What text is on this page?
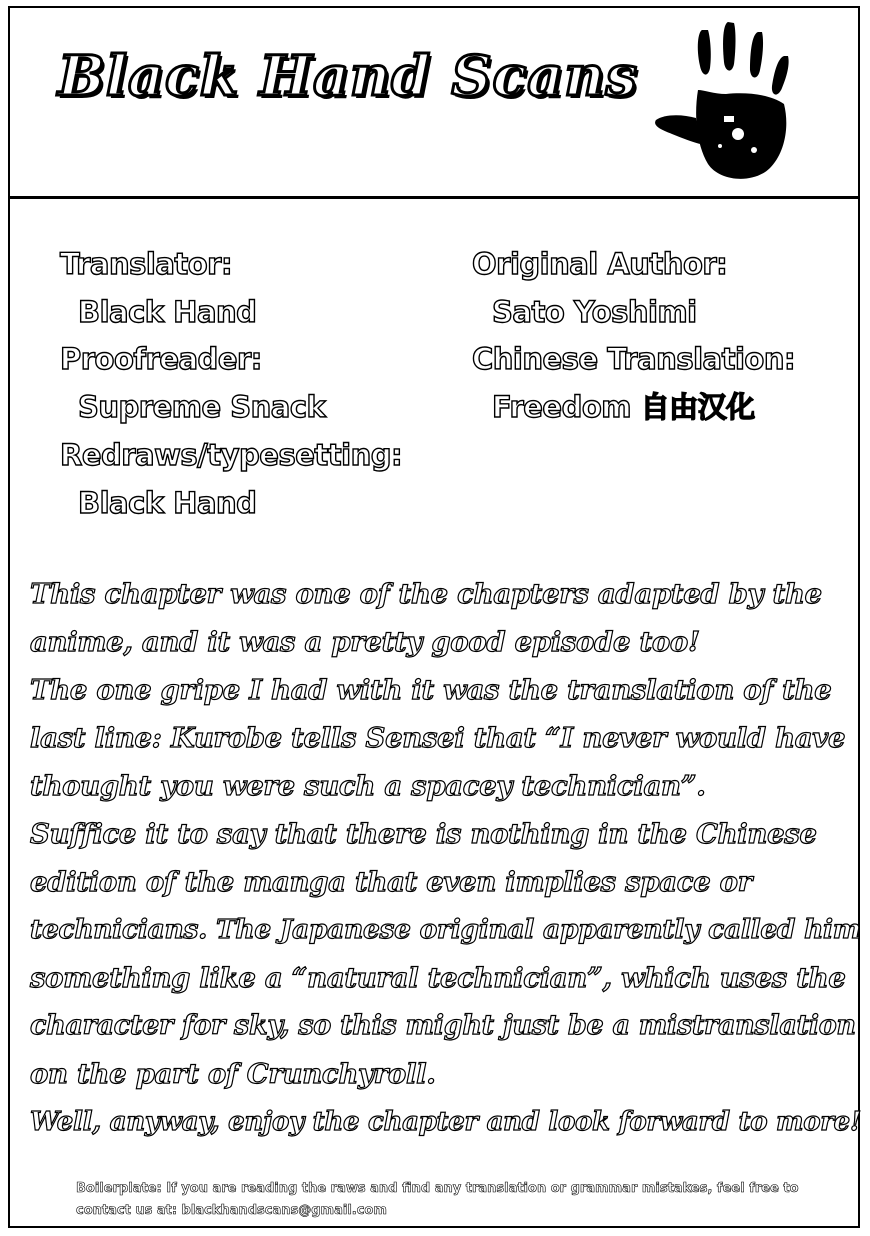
Black Hand Scans
Translator:
Black Hand
Proofreader:
Supreme Snack
Redraws/typesetting:
Black Hand
Original Author:
Sato Yoshimi
Chinese Translation:
Freedom 自由汉化
This chapter was one of the chapters adapted by the
anime, and it was a pretty good episode too!
The one gripe I had with it was the translation of the
last line: Kurobe tells Sensei that “I never would have
thought you were such a spacey technician”.
Suffice it to say that there is nothing in the Chinese
edition of the manga that even implies space or
technicians. The Japanese original apparently called him
something like a “natural technician”, which uses the
character for sky, so this might just be a mistranslation
on the part of Crunchyroll.
Well, anyway, enjoy the chapter and look forward to more!
Boilerplate: If you are reading the raws and find any translation or grammar mistakes, feel free to
contact us at: blackhandscans@gmail.com
